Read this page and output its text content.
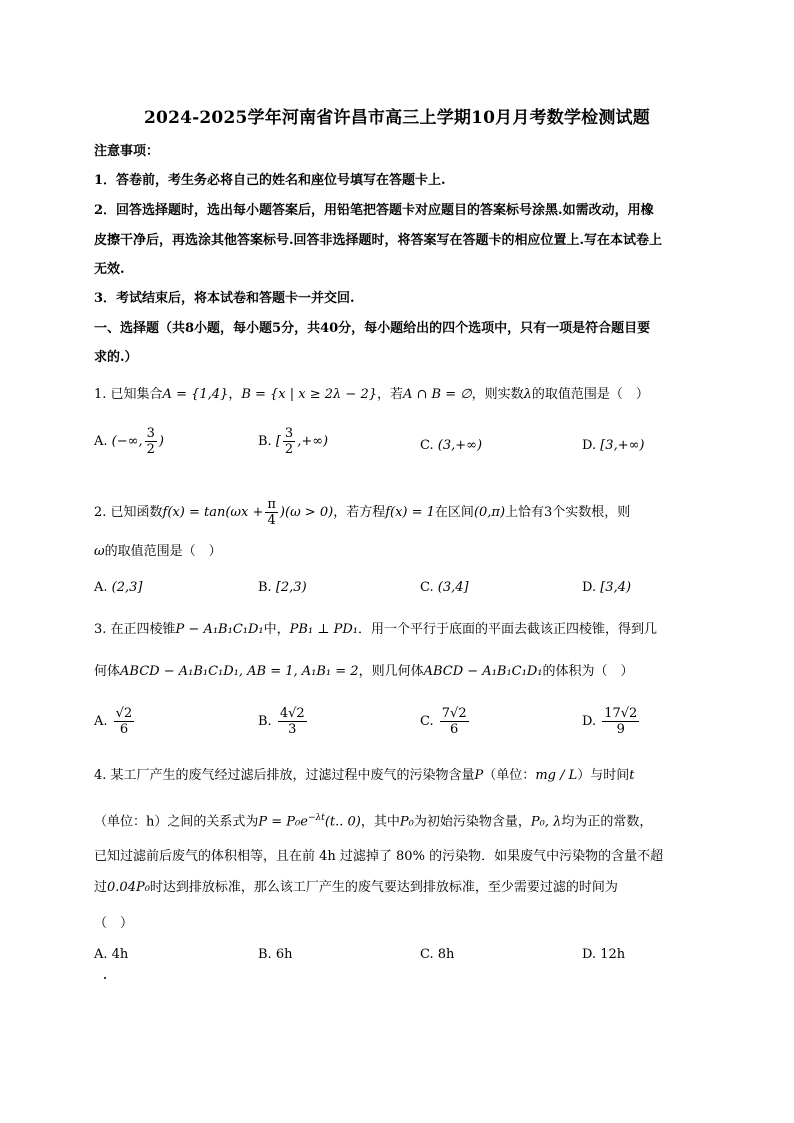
2024-2025学年河南省许昌市高三上学期10月月考数学检测试题
注意事项：
1．答卷前，考生务必将自己的姓名和座位号填写在答题卡上.
2．回答选择题时，选出每小题答案后，用铅笔把答题卡对应题目的答案标号涂黑.如需改动，用橡
皮擦干净后，再选涂其他答案标号.回答非选择题时，将答案写在答题卡的相应位置上.写在本试卷上
无效.
3．考试结束后，将本试卷和答题卡一并交回.
一、选择题（共8小题，每小题5分，共40分，每小题给出的四个选项中，只有一项是符合题目要
求的.）
1. 已知集合A = {1,4}，B = {x | x ≥ 2λ − 2}，若A ∩ B = ∅，则实数λ的取值范围是（　）
A. (−∞, $\frac{3}{2}$ )	B. [ $\frac{3}{2}$ ,+∞)	C. (3,+∞)	D. [3,+∞)
2. 已知函数$f(x) = \tan(\omega x + \frac{\pi}{4} )(\omega > 0)$，若方程f(x) = 1在区间(0,π)上恰有3个实数根，则
ω的取值范围是（　）
A. (2,3]	B. [2,3)	C. (3,4]	D. [3,4)
3. 在正四棱锥P − A₁B₁C₁D₁中，PB₁ ⊥ PD₁．用一个平行于底面的平面去截该正四棱锥，得到几
何体ABCD − A₁B₁C₁D₁, AB = 1, A₁B₁ = 2，则几何体ABCD − A₁B₁C₁D₁的体积为（　）
A. $\frac{√2}{6}$	B. $\frac{4√2}{3}$	C. $\frac{7√2}{6}$	D. $\frac{17√2}{9}$
4. 某工厂产生的废气经过滤后排放，过滤过程中废气的污染物含量P（单位：mg / L）与时间t
（单位：h）之间的关系式为$P = P_0e^{-\lambda t}(t$.. 0)，其中P₀为初始污染物含量，P₀, λ均为正的常数，
已知过滤前后废气的体积相等，且在前 4h 过滤掉了 80% 的污染物．如果废气中污染物的含量不超
过0.04P₀时达到排放标准，那么该工厂产生的废气要达到排放标准，至少需要过滤的时间为
（　）
A. 4h	B. 6h	C. 8h	D. 12h
